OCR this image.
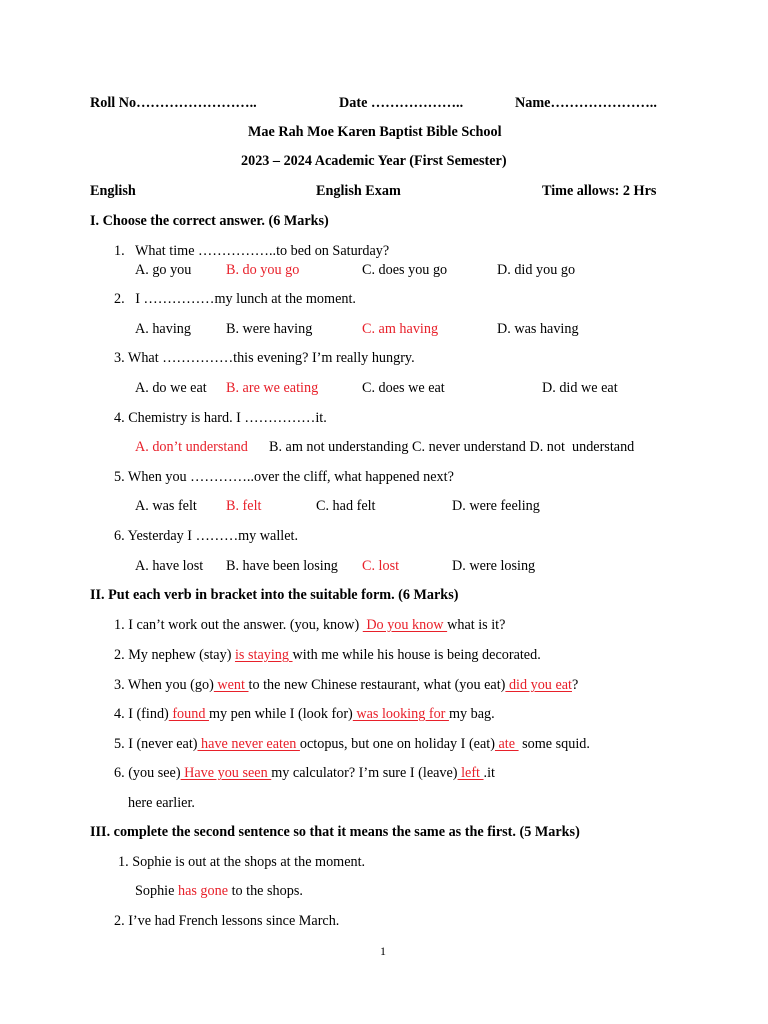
Roll No……………………..	Date ………………..	Name…………………..
Mae Rah Moe Karen Baptist Bible School
2023 – 2024 Academic Year (First Semester)
English	English Exam	Time allows: 2 Hrs
I. Choose the correct answer. (6 Marks)
1.   What time ……………..to bed on Saturday?
A. go you B. do you go	C. does you go	D. did you go
2.   I ……………my lunch at the moment.
A. having B. were having	C. am having	D. was having
3. What ……………this evening? I’m really hungry.
A. do we eat B. are we eating	C. does we eat	D. did we eat
4. Chemistry is hard. I ……………it.
A. don’t understand B. am not understanding C. never understand D. not  understand
5. When you …………..over the cliff, what happened next?
A. was felt B. felt	C. had felt	D. were feeling
6. Yesterday I ………my wallet.
A. have lost B. have been losing C. lost	D. were losing
II. Put each verb in bracket into the suitable form. (6 Marks)
1. I can’t work out the answer. (you, know)  Do you know what is it?
2. My nephew (stay) is staying with me while his house is being decorated.
3. When you (go) went to the new Chinese restaurant, what (you eat) did you eat?
4. I (find) found my pen while I (look for) was looking for my bag.
5. I (never eat) have never eaten octopus, but one on holiday I (eat) ate  some squid.
6. (you see) Have you seen my calculator? I’m sure I (leave) left .it
here earlier.
III. complete the second sentence so that it means the same as the first. (5 Marks)
1. Sophie is out at the shops at the moment.
Sophie has gone to the shops.
2. I’ve had French lessons since March.
1
